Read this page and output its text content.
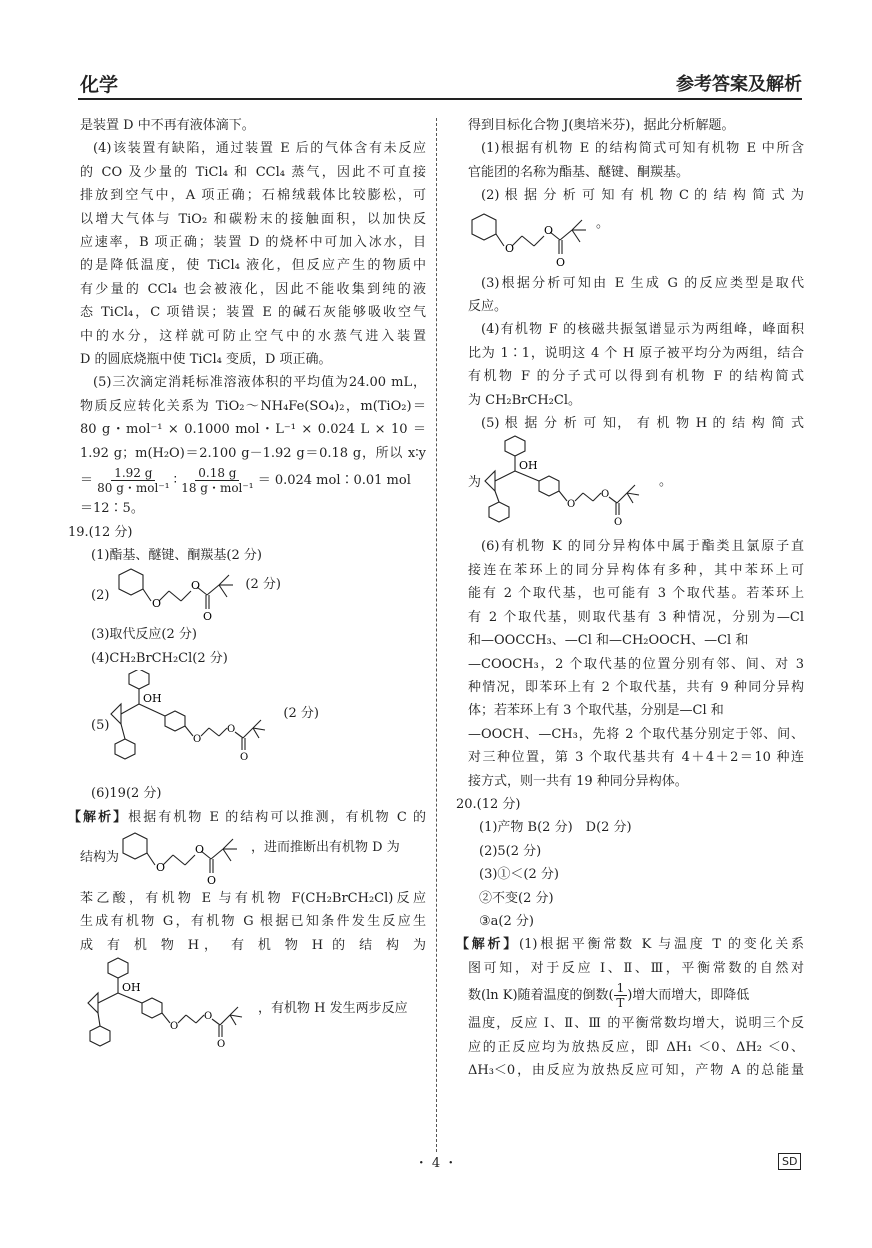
化学	参考答案及解析
是装置 D 中不再有液体滴下。
(4)该装置有缺陷，通过装置 E 后的气体含有未反应
的 CO 及少量的 TiCl₄ 和 CCl₄ 蒸气，因此不可直接
排放到空气中，A 项正确；石棉绒载体比较膨松，可
以增大气体与 TiO₂ 和碳粉末的接触面积，以加快反
应速率，B 项正确；装置 D 的烧杯中可加入冰水，目
的是降低温度，使 TiCl₄ 液化，但反应产生的物质中
有少量的 CCl₄ 也会被液化，因此不能收集到纯的液
态 TiCl₄，C 项错误；装置 E 的碱石灰能够吸收空气
中的水分，这样就可防止空气中的水蒸气进入装置
D 的圆底烧瓶中使 TiCl₄ 变质，D 项正确。
(5)三次滴定消耗标准溶液体积的平均值为24.00 mL，
物质反应转化关系为 TiO₂～NH₄Fe(SO₄)₂，m(TiO₂)＝
80 g・mol⁻¹ × 0.1000 mol・L⁻¹ × 0.024 L × 10 ＝
1.92 g；m(H₂O)＝2.100 g－1.92 g＝0.18 g，所以 x∶y
＝ $\frac{1.92 g}{\text{80 g・mol⁻¹}}$ ∶ $\frac{0.18 g}{\text{18 g・mol⁻¹}} = 0.024$ mol∶0.01 mol
＝12∶5。
19.(12 分)
(1)酯基、醚键、酮羰基(2 分)
(2)
O
O
O
(2 分)
(3)取代反应(2 分)
(4)CH₂BrCH₂Cl(2 分)
(5)
OH
O
O
O
(2 分)
(6)19(2 分)
【解析】根据有机物 E 的结构可以推测，有机物 C 的
结构为
O
O
O
，进而推断出有机物 D 为
苯乙酸，有机物 E 与有机物 F(CH₂BrCH₂Cl)反应
生成有机物 G，有机物 G 根据已知条件发生反应生
成 有 机 物 H， 有 机 物 H 的 结 构 为
OH
O
O
O
，有机物 H 发生两步反应
得到目标化合物 J(奥培米芬)，据此分析解题。
(1)根据有机物 E 的结构简式可知有机物 E 中所含
官能团的名称为酯基、醚键、酮羰基。
(2) 根 据 分 析 可 知 有 机 物 C 的 结 构 简 式 为
O
O
O
。
(3)根据分析可知由 E 生成 G 的反应类型是取代
反应。
(4)有机物 F 的核磁共振氢谱显示为两组峰，峰面积
比为 1∶1，说明这 4 个 H 原子被平均分为两组，结合
有机物 F 的分子式可以得到有机物 F 的结构简式
为 CH₂BrCH₂Cl。
(5) 根 据 分 析 可 知， 有 机 物 H 的 结 构 简 式
为
OH
O
O
O
。
(6)有机物 K 的同分异构体中属于酯类且氯原子直
接连在苯环上的同分异构体有多种，其中苯环上可
能有 2 个取代基，也可能有 3 个取代基。若苯环上
有 2 个取代基，则取代基有 3 种情况，分别为—Cl
和—OOCCH₃、—Cl 和—CH₂OOCH、—Cl 和
—COOCH₃，2 个取代基的位置分别有邻、间、对 3
种情况，即苯环上有 2 个取代基，共有 9 种同分异构
体；若苯环上有 3 个取代基，分别是—Cl 和
—OOCH、—CH₃，先将 2 个取代基分别定于邻、间、
对三种位置，第 3 个取代基共有 4＋4＋2＝10 种连
接方式，则一共有 19 种同分异构体。
20.(12 分)
(1)产物 B(2 分)　D(2 分)
(2)5(2 分)
(3)①＜(2 分)
②不变(2 分)
③a(2 分)
【解析】(1)根据平衡常数 K 与温度 T 的变化关系
图可知，对于反应 Ⅰ、Ⅱ、Ⅲ，平衡常数的自然对
数(ln K)随着温度的倒数( $\frac{1}{T}$ )增大而增大，即降低
温度，反应 Ⅰ、Ⅱ、Ⅲ 的平衡常数均增大，说明三个反
应的正反应均为放热反应，即 ΔH₁ ＜0、ΔH₂ ＜0、
ΔH₃＜0，由反应为放热反应可知，产物 A 的总能量
・ 4 ・	SD
